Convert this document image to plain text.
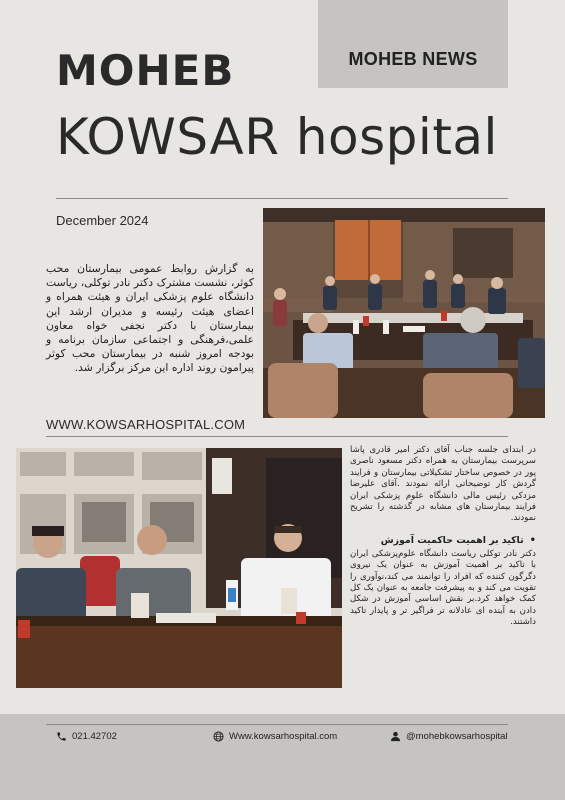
MOHEB NEWS
MOHEB
KOWSAR hospital
December 2024
به گزارش روابط عمومی بیمارستان محب کوثر، نشست مشترک دکتر نادر توکلی، ریاست دانشگاه علوم پزشکی ایران و هیئت همراه و اعضای هیئت رئیسه و مدیران ارشد این بیمارستان با دکتر نجفی خواه معاون علمی،فرهنگی و اجتماعی سازمان برنامه و بودجه امروز شنبه در بیمارستان محب کوثر پیرامون روند اداره این مرکز برگزار شد.
WWW.KOWSARHOSPITAL.COM

در ابتدای جلسه جناب آقای دکتر امیر قادری پاشا سرپرست بیمارستان به همراه دکتر مسعود ناصری پور در خصوص ساختار تشکیلاتی بیمارستان و فرایند گردش کار توضیحاتی ارائه نمودند .آقای علیرضا مزدکی رئیس مالی دانشگاه علوم پزشکی ایران فرایند بیمارستان های مشابه در گذشته را تشریح نمودند.

•
تاکید بر اهمیت حاکمیت آموزش

دکتر نادر توکلی ریاست دانشگاه علوم‌پزشکی ایران با تاکید بر اهمیت آموزش به عنوان یک نیروی دگرگون کننده که افراد را توانمند می کند،نوآوری را تقویت می کند و به پیشرفت جامعه به عنوان یک کل کمک خواهد کرد.بر نقش اساسی آموزش در شکل دادن به آینده ای عادلانه تر فراگیر تر و پایدار تاکید داشتند.

021.42702	Www.kowsarhospital.com	@mohebkowsarhospital
